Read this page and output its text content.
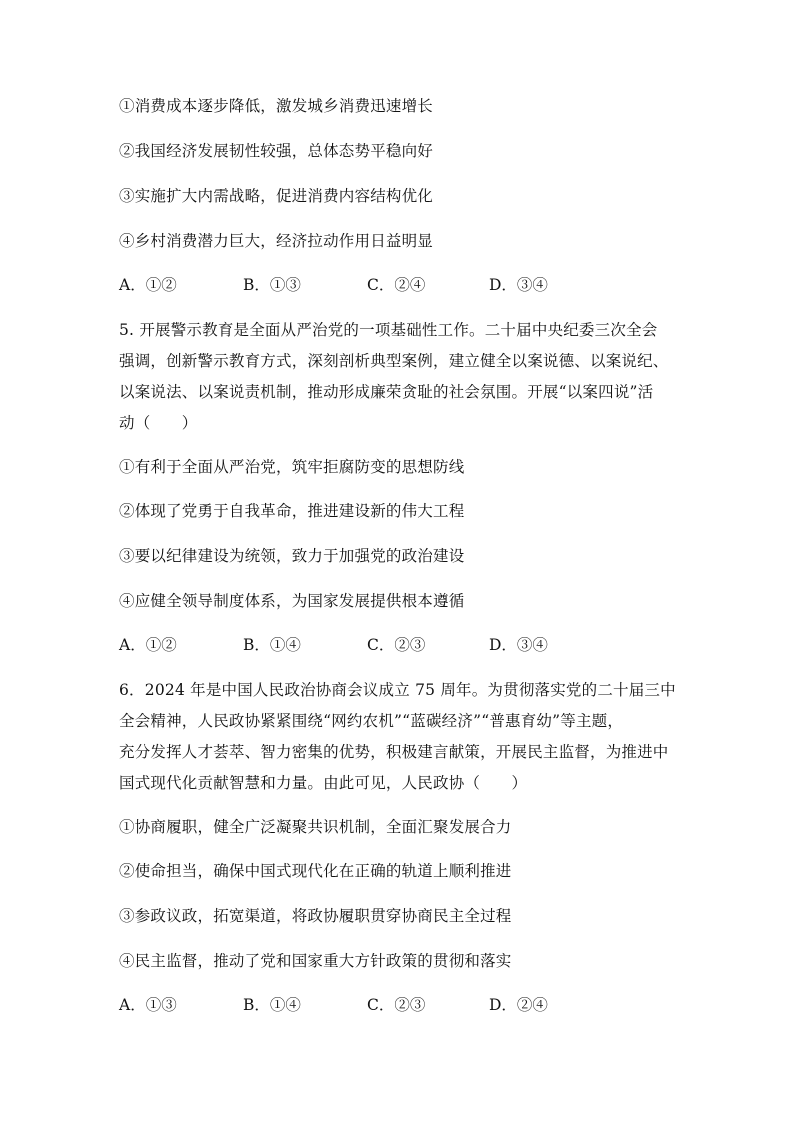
①消费成本逐步降低，激发城乡消费迅速增长
②我国经济发展韧性较强，总体态势平稳向好
③实施扩大内需战略，促进消费内容结构优化
④乡村消费潜力巨大，经济拉动作用日益明显
A．①②	B．①③	C．②④	D．③④
5. 开展警示教育是全面从严治党的一项基础性工作。二十届中央纪委三次全会
强调，创新警示教育方式，深刻剖析典型案例，建立健全以案说德、以案说纪、
以案说法、以案说责机制，推动形成廉荣贪耻的社会氛围。开展“以案四说”活
动（　　）
①有利于全面从严治党，筑牢拒腐防变的思想防线
②体现了党勇于自我革命，推进建设新的伟大工程
③要以纪律建设为统领，致力于加强党的政治建设
④应健全领导制度体系，为国家发展提供根本遵循
A．①②	B．①④	C．②③	D．③④
6．2024 年是中国人民政治协商会议成立 75 周年。为贯彻落实党的二十届三中
全会精神，人民政协紧紧围绕“网约农机”“蓝碳经济”“普惠育幼”等主题，
充分发挥人才荟萃、智力密集的优势，积极建言献策，开展民主监督，为推进中
国式现代化贡献智慧和力量。由此可见，人民政协（　　）
①协商履职，健全广泛凝聚共识机制，全面汇聚发展合力
②使命担当，确保中国式现代化在正确的轨道上顺利推进
③参政议政，拓宽渠道，将政协履职贯穿协商民主全过程
④民主监督，推动了党和国家重大方针政策的贯彻和落实
A．①③	B．①④	C．②③	D．②④
